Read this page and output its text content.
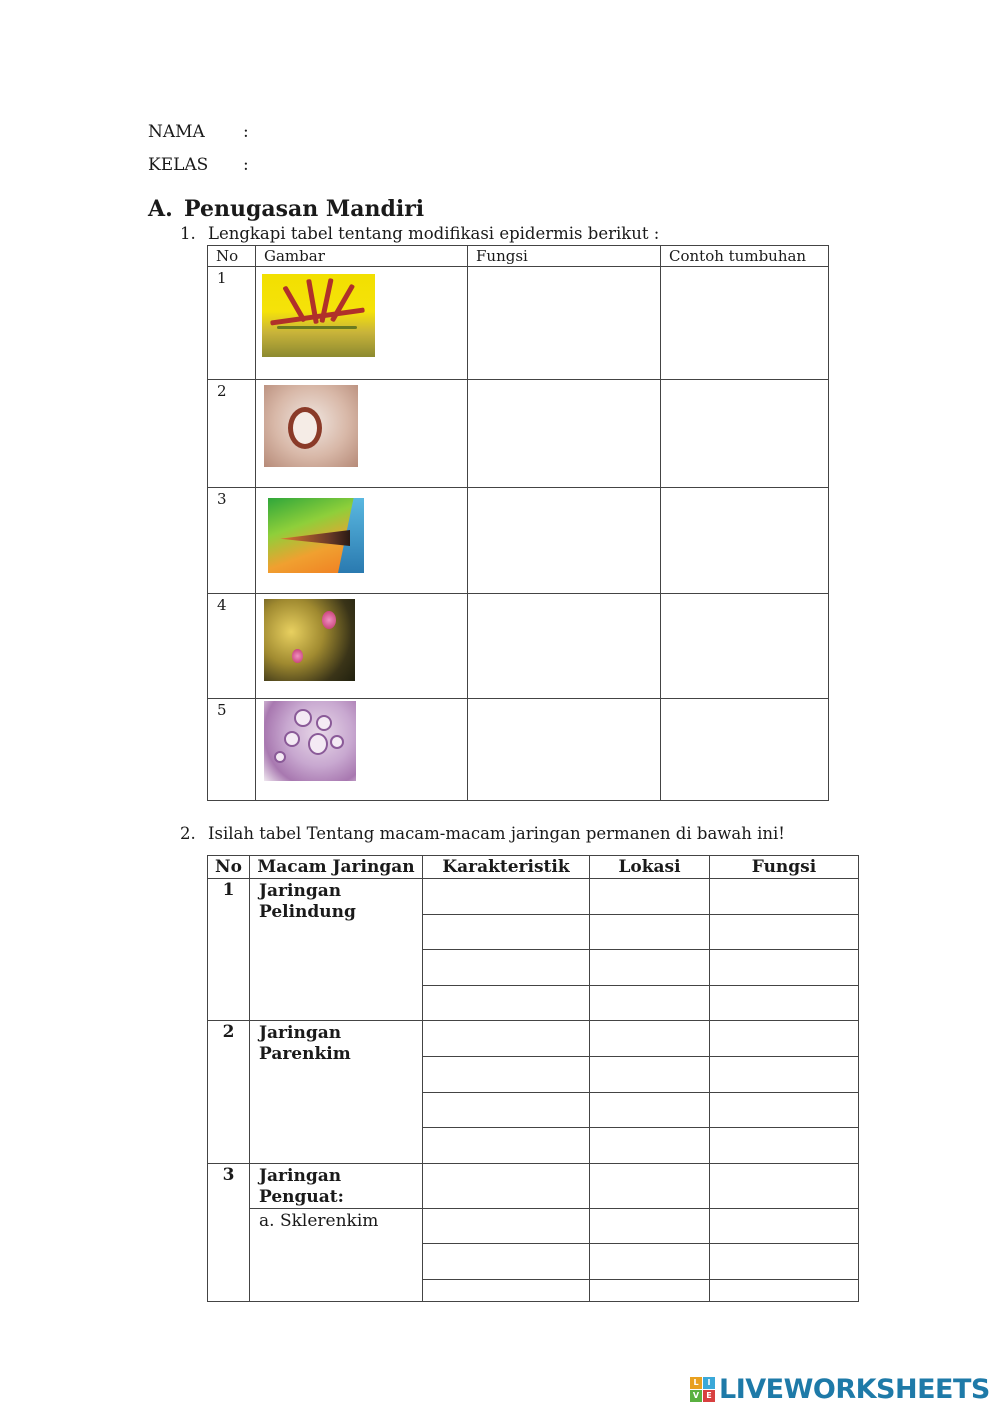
NAMA :
KELAS :
A. Penugasan Mandiri
1. Lengkapi tabel tentang modifikasi epidermis berikut :
No	Gambar	Fungsi	Contoh tumbuhan
1	

2	

3	

4	

5	

2. Isilah tabel Tentang macam-macam jaringan permanen di bawah ini!
No	Macam Jaringan	Karakteristik	Lokasi	Fungsi
1	Jaringan Pelindung			

2	Jaringan Parenkim			

3	Jaringan Penguat:			
	a. Sklerenkim			

L	I
V E LIVEWORKSHEETS
